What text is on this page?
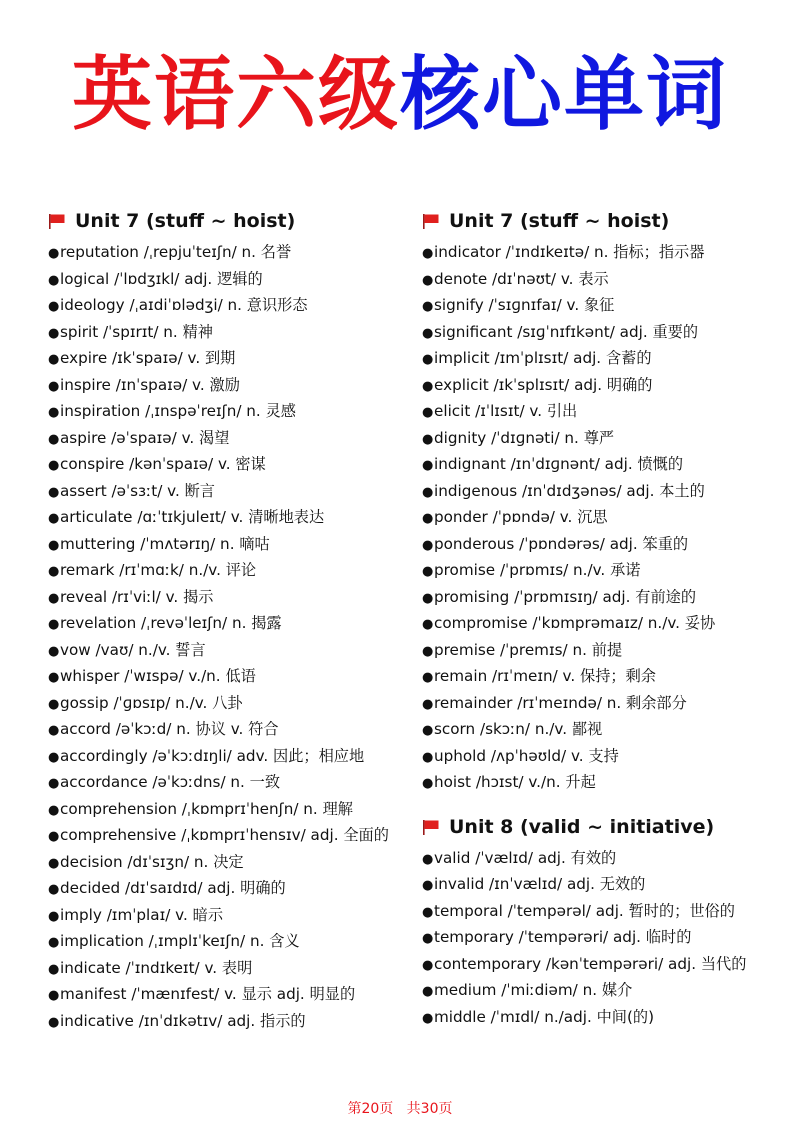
英语六级核心单词
Unit 7 (stuff ~ hoist)
●reputation /ˌrepjuˈteɪʃn/ n. 名誉
●logical /ˈlɒdʒɪkl/ adj. 逻辑的
●ideology /ˌaɪdiˈɒlədʒi/ n. 意识形态
●spirit /ˈspɪrɪt/ n. 精神
●expire /ɪkˈspaɪə/ v. 到期
●inspire /ɪnˈspaɪə/ v. 激励
●inspiration /ˌɪnspəˈreɪʃn/ n. 灵感
●aspire /əˈspaɪə/ v. 渴望
●conspire /kənˈspaɪə/ v. 密谋
●assert /əˈsɜːt/ v. 断言
●articulate /ɑːˈtɪkjuleɪt/ v. 清晰地表达
●muttering /ˈmʌtərɪŋ/ n. 嘀咕
●remark /rɪˈmɑːk/ n./v. 评论
●reveal /rɪˈviːl/ v. 揭示
●revelation /ˌrevəˈleɪʃn/ n. 揭露
●vow /vaʊ/ n./v. 誓言
●whisper /ˈwɪspə/ v./n. 低语
●gossip /ˈɡɒsɪp/ n./v. 八卦
●accord /əˈkɔːd/ n. 协议 v. 符合
●accordingly /əˈkɔːdɪŋli/ adv. 因此；相应地
●accordance /əˈkɔːdns/ n. 一致
●comprehension /ˌkɒmprɪˈhenʃn/ n. 理解
●comprehensive /ˌkɒmprɪˈhensɪv/ adj. 全面的
●decision /dɪˈsɪʒn/ n. 决定
●decided /dɪˈsaɪdɪd/ adj. 明确的
●imply /ɪmˈplaɪ/ v. 暗示
●implication /ˌɪmplɪˈkeɪʃn/ n. 含义
●indicate /ˈɪndɪkeɪt/ v. 表明
●manifest /ˈmænɪfest/ v. 显示 adj. 明显的
●indicative /ɪnˈdɪkətɪv/ adj. 指示的
Unit 7 (stuff ~ hoist)
●indicator /ˈɪndɪkeɪtə/ n. 指标；指示器
●denote /dɪˈnəʊt/ v. 表示
●signify /ˈsɪɡnɪfaɪ/ v. 象征
●significant /sɪɡˈnɪfɪkənt/ adj. 重要的
●implicit /ɪmˈplɪsɪt/ adj. 含蓄的
●explicit /ɪkˈsplɪsɪt/ adj. 明确的
●elicit /ɪˈlɪsɪt/ v. 引出
●dignity /ˈdɪɡnəti/ n. 尊严
●indignant /ɪnˈdɪɡnənt/ adj. 愤慨的
●indigenous /ɪnˈdɪdʒənəs/ adj. 本土的
●ponder /ˈpɒndə/ v. 沉思
●ponderous /ˈpɒndərəs/ adj. 笨重的
●promise /ˈprɒmɪs/ n./v. 承诺
●promising /ˈprɒmɪsɪŋ/ adj. 有前途的
●compromise /ˈkɒmprəmaɪz/ n./v. 妥协
●premise /ˈpremɪs/ n. 前提
●remain /rɪˈmeɪn/ v. 保持；剩余
●remainder /rɪˈmeɪndə/ n. 剩余部分
●scorn /skɔːn/ n./v. 鄙视
●uphold /ʌpˈhəʊld/ v. 支持
●hoist /hɔɪst/ v./n. 升起
Unit 8 (valid ~ initiative)
●valid /ˈvælɪd/ adj. 有效的
●invalid /ɪnˈvælɪd/ adj. 无效的
●temporal /ˈtempərəl/ adj. 暂时的；世俗的
●temporary /ˈtempərəri/ adj. 临时的
●contemporary /kənˈtempərəri/ adj. 当代的
●medium /ˈmiːdiəm/ n. 媒介
●middle /ˈmɪdl/ n./adj. 中间(的)
第20页 共30页
